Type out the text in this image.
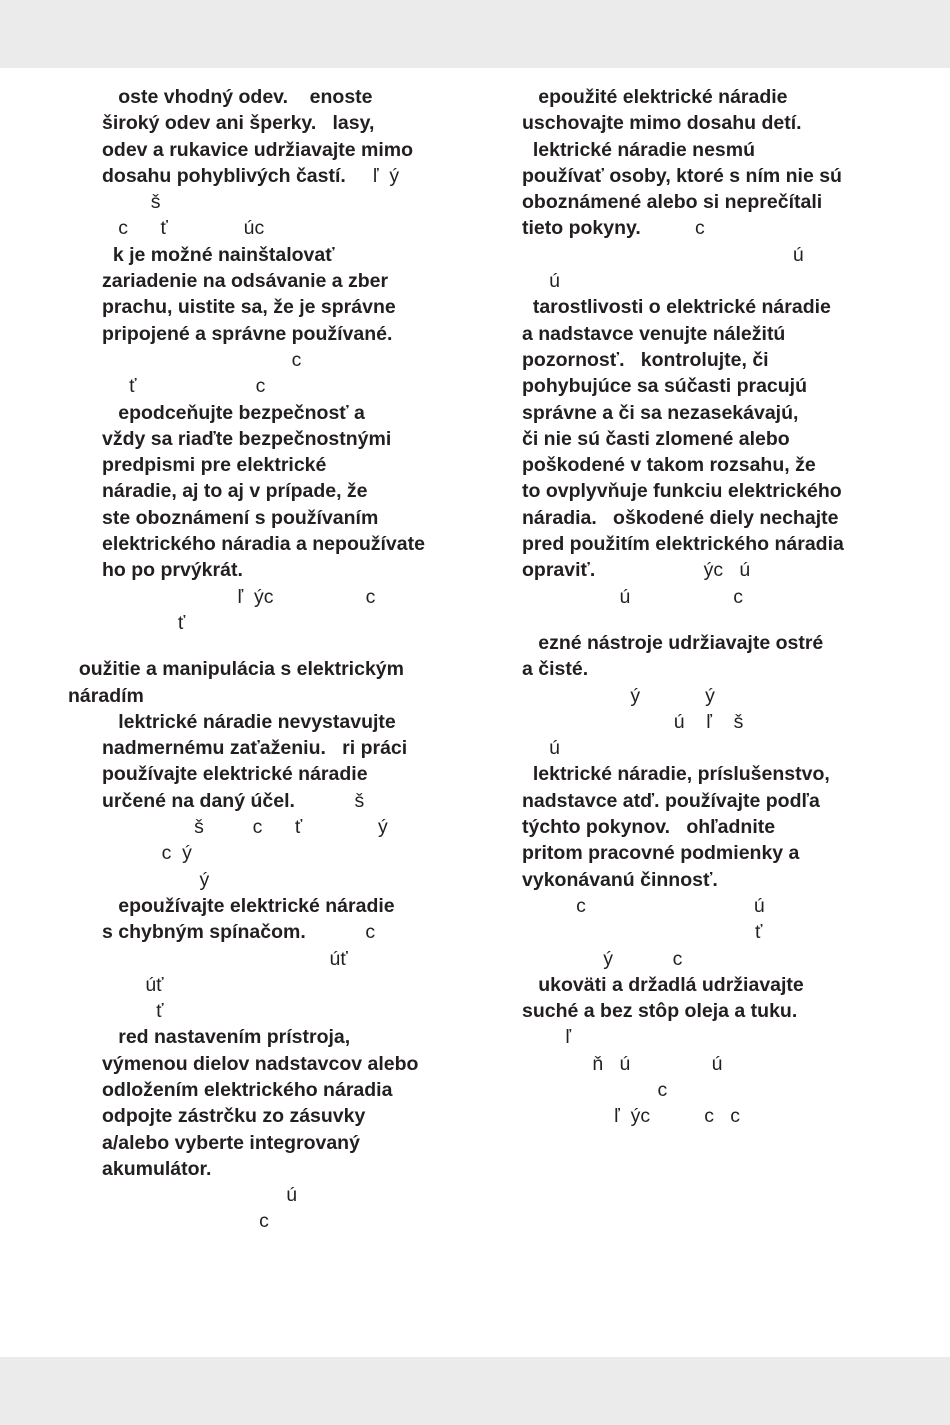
oste vhodný odev.    enoste

široký odev ani šperky.   lasy,

odev a rukavice udržiavajte mimo

dosahu pohyblivých častí.     ľ  ý

š

c      ť              úc

k je možné nainštalovať

zariadenie na odsávanie a zber

prachu, uistite sa, že je správne

pripojené a správne používané.

c

ť                      c

epodceňujte bezpečnosť a

vždy sa riaďte bezpečnostnými

predpismi pre elektrické

náradie, aj to aj v prípade, že

ste oboznámení s používaním

elektrického náradia a nepoužívate

ho po prvýkrát.

ľ  ýc                 c

ť

oužitie a manipulácia s elektrickým

náradím

lektrické náradie nevystavujte

nadmernému zaťaženiu.   ri práci

používajte elektrické náradie

určené na daný účel.           š

š         c      ť              ý

c  ý

ý

epoužívajte elektrické náradie

s chybným spínačom.           c

úť

úť

ť

red nastavením prístroja,

výmenou dielov nadstavcov alebo

odložením elektrického náradia

odpojte zástrčku zo zásuvky

a/alebo vyberte integrovaný

akumulátor.

ú

c

epoužité elektrické náradie

uschovajte mimo dosahu detí.

lektrické náradie nesmú

používať osoby, ktoré s ním nie sú

oboznámené alebo si neprečítali

tieto pokyny.          c

ú

ú

tarostlivosti o elektrické náradie

a nadstavce venujte náležitú

pozornosť.   kontrolujte, či

pohybujúce sa súčasti pracujú

správne a či sa nezasekávajú,

či nie sú časti zlomené alebo

poškodené v takom rozsahu, že

to ovplyvňuje funkciu elektrického

náradia.   oškodené diely nechajte

pred použitím elektrického náradia

opraviť.                    ýc   ú

ú                   c

ezné nástroje udržiavajte ostré

a čisté.

ý            ý

ú    ľ    š

ú

lektrické náradie, príslušenstvo,

nadstavce atď. používajte podľa

týchto pokynov.   ohľadnite

pritom pracovné podmienky a

vykonávanú činnosť.

c                               ú

ť

ý           c

ukoväti a držadlá udržiavajte

suché a bez stôp oleja a tuku.

ľ

ň   ú               ú

c

ľ  ýc          c   c
